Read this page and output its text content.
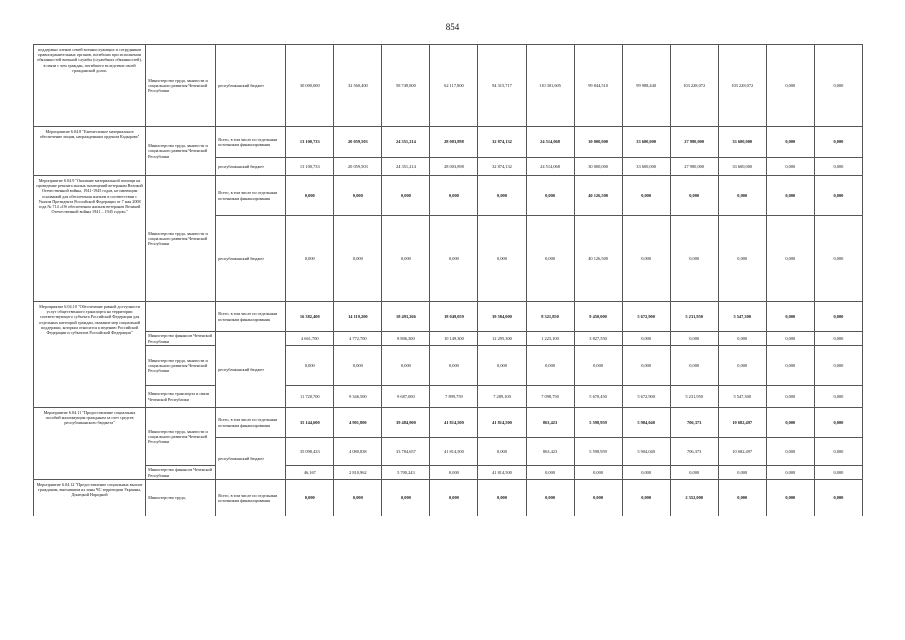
854
поддержки членов семей военнослужащих и сотрудников правоохранительных органов, погибших при исполнении обязанностей военной службы (служебных обязанностей), в связи с чем граждан, погибшего вследствие своей гражданской доли»	Министерство труда, занятости и социального развития Чеченской Республики	республиканский бюджет	30 000,000	32 560,400	58 749,800	62 117,800	94 315,717	110 301,605	99 844,510	99 988,440	103 228,072	103 228,072	0,000	0,000
Мероприятие 6.04.8 "Ежемесячное материальное обеспечение лицам, награжденным орденом Кадырова"	Министерство труда, занятости и социального развития Чеченской Республики	Всего, в том числе по отдельным источникам финансирования	13 100,733	20 059,503	24 351,214	28 003,898	32 874,132	24 514,068	30 000,000	33 600,000	27 980,000	33 600,000	0,000	0,000
		республиканский бюджет	13 100,733	20 059,503	24 351,214	28 003,898	32 874,132	24 514,068	30 000,000	33 600,000	27 980,000	33 600,000	0,000	0,000
Мероприятие 6.04.9 "Оказание материальной помощи на проведение ремонта жилых помещений ветеранам Великой Отечественной войны, 1941-1945 годов, не имеющим оснований для обеспечения жильем в соответствии с Указом Президента Российской Федерации от 7 мая 2008 года № 714 «Об обеспечении жильем ветеранов Великой Отечественной войны 1941 – 1945 годов»"	Министерство труда, занятости и социального развития Чеченской Республики	Всего, в том числе по отдельным источникам финансирования	0,000	0,000	0,000	0,000	0,000	0,000	40 126,500	0,000	0,000	0,000	0,000	0,000
		республиканский бюджет	0,000	0,000	0,000	0,000	0,000	0,000	40 126,500	0,000	0,000	0,000	0,000	0,000
Мероприятие 6.04.10 "Обеспечение равной доступности услуг общественного транспорта на территории соответствующего субъекта Российской Федерации для отдельных категорий граждан, оказание мер социальной поддержки, которым относится к ведению Российской Федерации и субъектов Российской Федерации"		Всего, в том числе по отдельным источникам финансирования	16 382,400	14 119,200	18 493,266	18 049,059	39 584,000	8 321,850	9 450,000	5 672,900	5 231,950	5 547,300	0,000	0,000
	Министерство финансов Чеченской Республики	республиканский бюджет	4 661,700	4 772,700	8 806,300	10 149,300	12 295,300	1 223,100	3 827,550	0,000	0,000	0,000	0,000	0,000
	Министерство труда, занятости и социального развития Чеченской Республики		0,000	0,000	0,000	0,000	0,000	0,000	0,000	0,000	0,000	0,000	0,000	0,000
	Министерство транспорта и связи Чеченской Республики		11 720,700	9 346,500	9 687,000	7 899,759	7 289,100	7 098,750	5 670,450	5 672,900	5 231,950	5 547,300	0,000	0,000
Мероприятие 6.04.11 "Предоставление социальных пособий малоимущим гражданам за счет средств республиканского бюджета"	Министерство труда, занятости и социального развития Чеченской Республики	Всего, в том числе по отдельным источникам финансирования	35 144,600	4 901,800	39 484,900	41 814,500	41 814,500	863,423	5 598,959	5 904,040	706,373	10 682,497	0,000	0,000
		республиканский бюджет	35 098,433	4 080,838	33 784,657	41 814,500	0,000	863,423	5 598,959	5 904,040	706,373	10 682,497	0,000	0,000
	Министерство финансов Чеченской Республики		46,167	2 810,962	5 700,243	0,000	41 814,500	0,000	0,000	0,000	0,000	0,000	0,000	0,000
Мероприятие 6.04.12 "Предоставление социальных выплат гражданам, выехавшим из зоны ЧС территории Украины, Донецкой Народной	Министерство труда,	Всего, в том числе по отдельным источникам финансирования	0,000	0,000	0,000	0,000	0,000	0,000	0,000	0,000	2 352,000	0,000	0,000	0,000
